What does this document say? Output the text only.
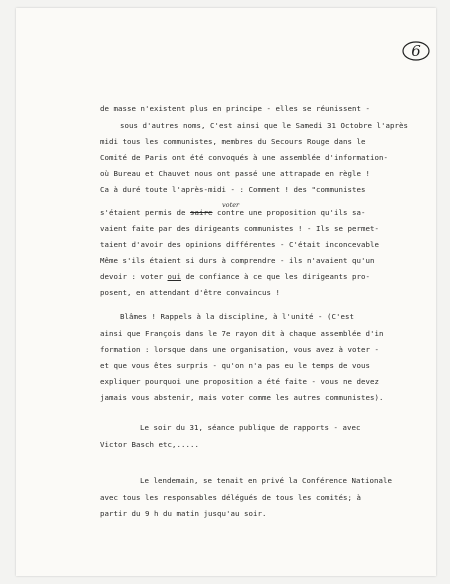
6
de masse n'existent plus en principe - elles se réunissent -
sous d'autres noms, C'est ainsi que le Samedi 31 Octobre l'après
midi tous les communistes, membres du Secours Rouge dans le
Comité de Paris ont été convoqués à une assemblée d'information-
où Bureau et Chauvet nous ont passé une attrapade en règle !
Ca à duré toute l'après-midi - : Comment ! des "communistes
voter
s'étaient permis de saire contre une proposition qu'ils sa-
vaient faite par des dirigeants communistes ! - Ils se permet-
taient d'avoir des opinions différentes - C'était inconcevable
Même s'ils étaient si durs à comprendre - ils n'avaient qu'un
devoir : voter oui de confiance à ce que les dirigeants pro-
posent, en attendant d'être convaincus !
Blâmes ! Rappels à la discipline, à l'unité - (C'est
ainsi que François dans le 7e rayon dit à chaque assemblée d'in
formation : lorsque dans une organisation, vous avez à voter -
et que vous êtes surpris - qu'on n'a pas eu le temps de vous
expliquer pourquoi une proposition a été faite - vous ne devez
jamais vous abstenir, mais voter comme les autres communistes).
Le soir du 31, séance publique de rapports - avec
Victor Basch etc,.....
Le lendemain, se tenait en privé la Conférence Nationale
avec tous les responsables délégués de tous les comités; à
partir du 9 h du matin jusqu'au soir.
